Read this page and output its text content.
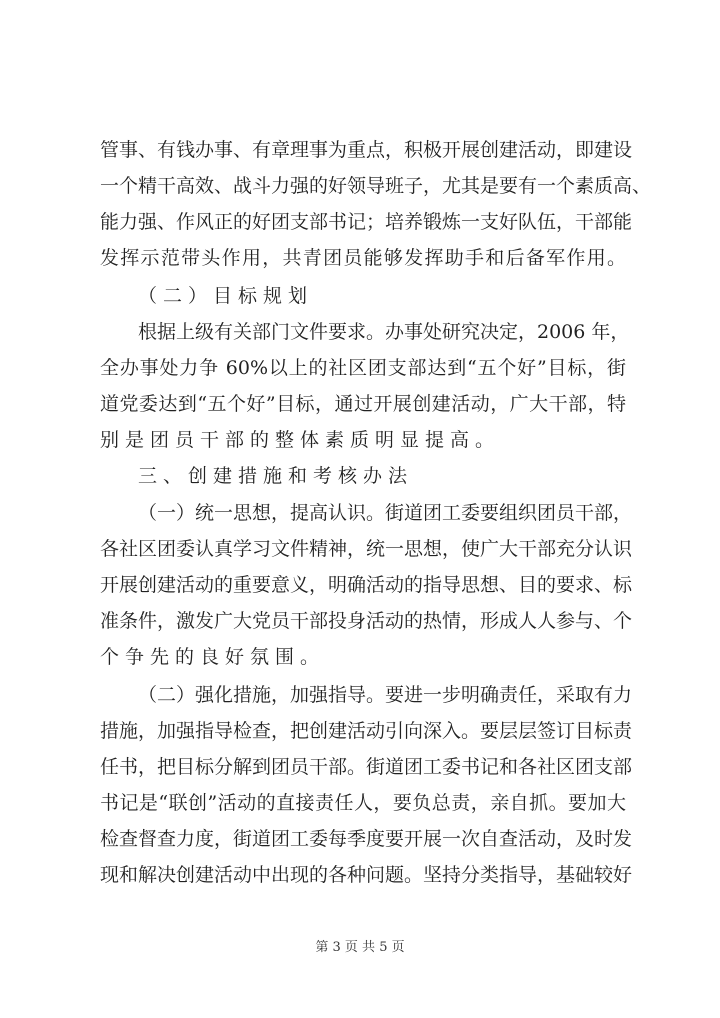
管事、有钱办事、有章理事为重点，积极开展创建活动，即建设
一个精干高效、战斗力强的好领导班子，尤其是要有一个素质高、
能力强、作风正的好团支部书记；培养锻炼一支好队伍，干部能
发挥示范带头作用，共青团员能够发挥助手和后备军作用。
（二）目标规划
根据上级有关部门文件要求。办事处研究决定，2006 年，
全办事处力争 60%以上的社区团支部达到“五个好”目标，街
道党委达到“五个好”目标，通过开展创建活动，广大干部，特
别是团员干部的整体素质明显提高。
三、创建措施和考核办法
（一）统一思想，提高认识。街道团工委要组织团员干部，
各社区团委认真学习文件精神，统一思想，使广大干部充分认识
开展创建活动的重要意义，明确活动的指导思想、目的要求、标
准条件，激发广大党员干部投身活动的热情，形成人人参与、个
个争先的良好氛围。
（二）强化措施，加强指导。要进一步明确责任，采取有力
措施，加强指导检查，把创建活动引向深入。要层层签订目标责
任书，把目标分解到团员干部。街道团工委书记和各社区团支部
书记是“联创”活动的直接责任人，要负总责，亲自抓。要加大
检查督查力度，街道团工委每季度要开展一次自查活动，及时发
现和解决创建活动中出现的各种问题。坚持分类指导，基础较好
第 3 页 共 5 页
